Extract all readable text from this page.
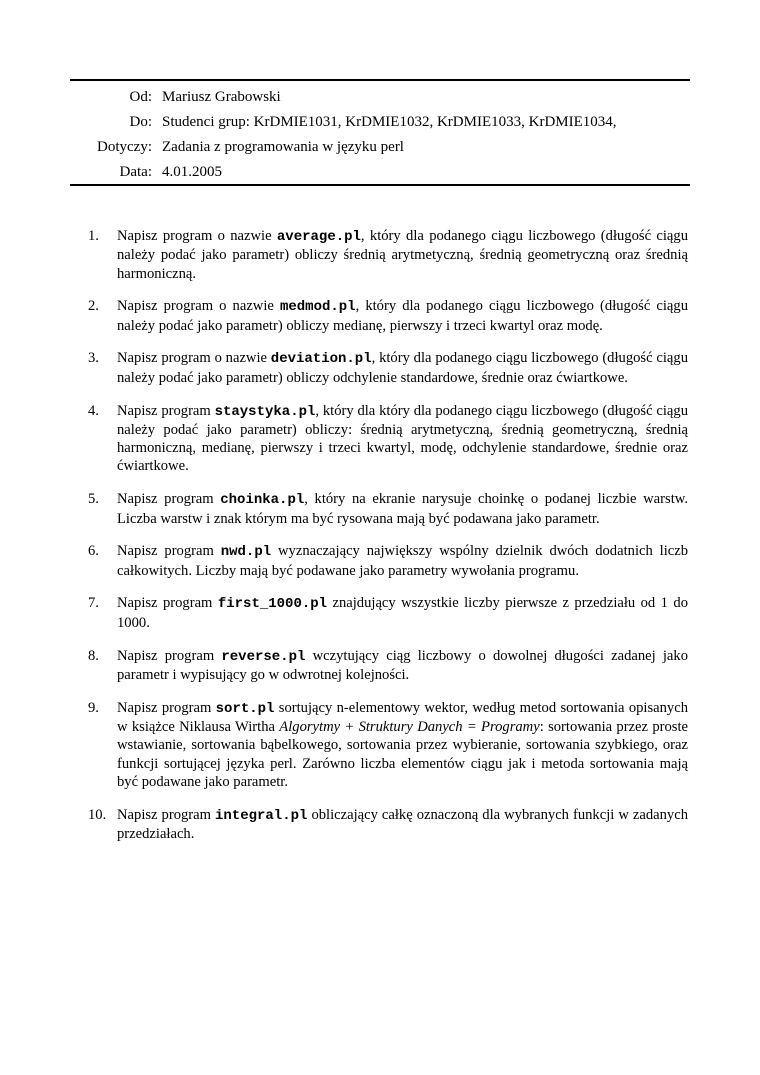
Od: Mariusz Grabowski
Do: Studenci grup: KrDMIE1031, KrDMIE1032, KrDMIE1033, KrDMIE1034,
Dotyczy: Zadania z programowania w języku perl
Data: 4.01.2005
1.	Napisz program o nazwie average.pl, który dla podanego ciągu liczbowego (długość ciągu należy podać jako parametr) obliczy średnią arytmetyczną, średnią geometryczną oraz średnią harmoniczną.
2.	Napisz program o nazwie medmod.pl, który dla podanego ciągu liczbowego (długość ciągu należy podać jako parametr) obliczy medianę, pierwszy i trzeci kwartyl oraz modę.
3.	Napisz program o nazwie deviation.pl, który dla podanego ciągu liczbowego (długość ciągu należy podać jako parametr) obliczy odchylenie standardowe, średnie oraz ćwiartkowe.
4.	Napisz program staystyka.pl, który dla który dla podanego ciągu liczbowego (długość ciągu należy podać jako parametr) obliczy: średnią arytmetyczną, średnią geometryczną, średnią harmoniczną, medianę, pierwszy i trzeci kwartyl, modę, odchylenie standardowe, średnie oraz ćwiartkowe.
5.	Napisz program choinka.pl, który na ekranie narysuje choinkę o podanej liczbie warstw. Liczba warstw i znak którym ma być rysowana mają być podawana jako parametr.
6.	Napisz program nwd.pl wyznaczający największy wspólny dzielnik dwóch dodatnich liczb całkowitych. Liczby mają być podawane jako parametry wywołania programu.
7.	Napisz program first_1000.pl znajdujący wszystkie liczby pierwsze z przedziału od 1 do 1000.
8.	Napisz program reverse.pl wczytujący ciąg liczbowy o dowolnej długości zadanej jako parametr i wypisujący go w odwrotnej kolejności.
9.	Napisz program sort.pl sortujący n-elementowy wektor, według metod sortowania opisanych w książce Niklausa Wirtha Algorytmy + Struktury Danych = Programy: sortowania przez proste wstawianie, sortowania bąbelkowego, sortowania przez wybieranie, sortowania szybkiego, oraz funkcji sortującej języka perl. Zarówno liczba elementów ciągu jak i metoda sortowania mają być podawane jako parametr.
10. Napisz program integral.pl obliczający całkę oznaczoną dla wybranych funkcji w zadanych przedziałach.
